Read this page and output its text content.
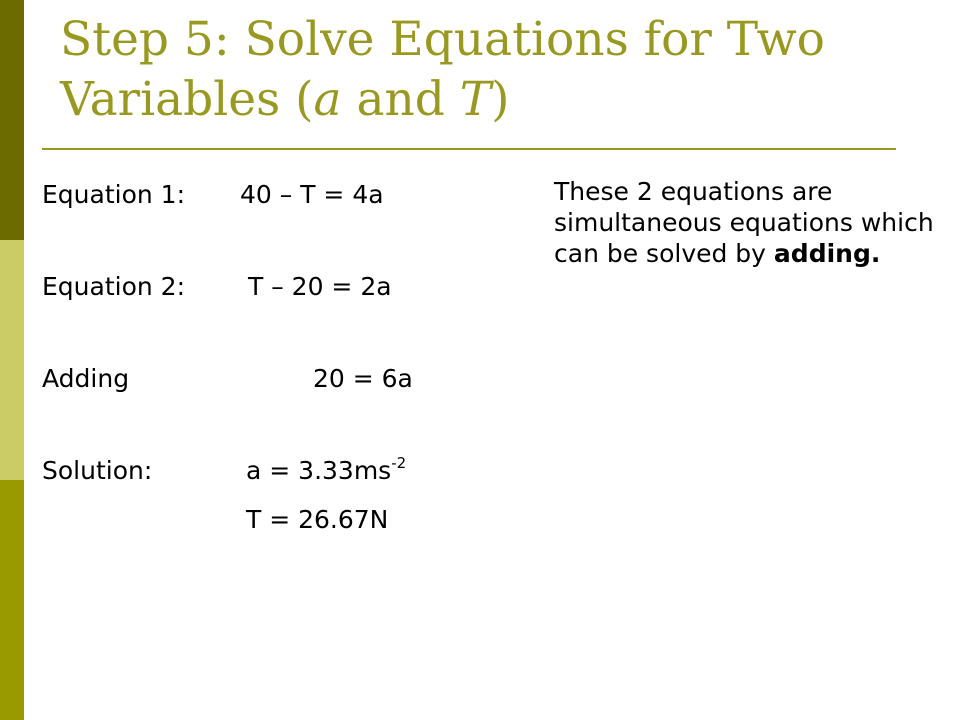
Step 5: Solve Equations for Two
Variables (a and T)
Equation 1: 40 – T = 4a
Equation 2:	T – 20 = 2a
Adding	20 = 6a
Solution:	$a = 3.33ms^{-2}$
T = 26.67N

These 2 equations are simultaneous equations which can be solved by adding.
